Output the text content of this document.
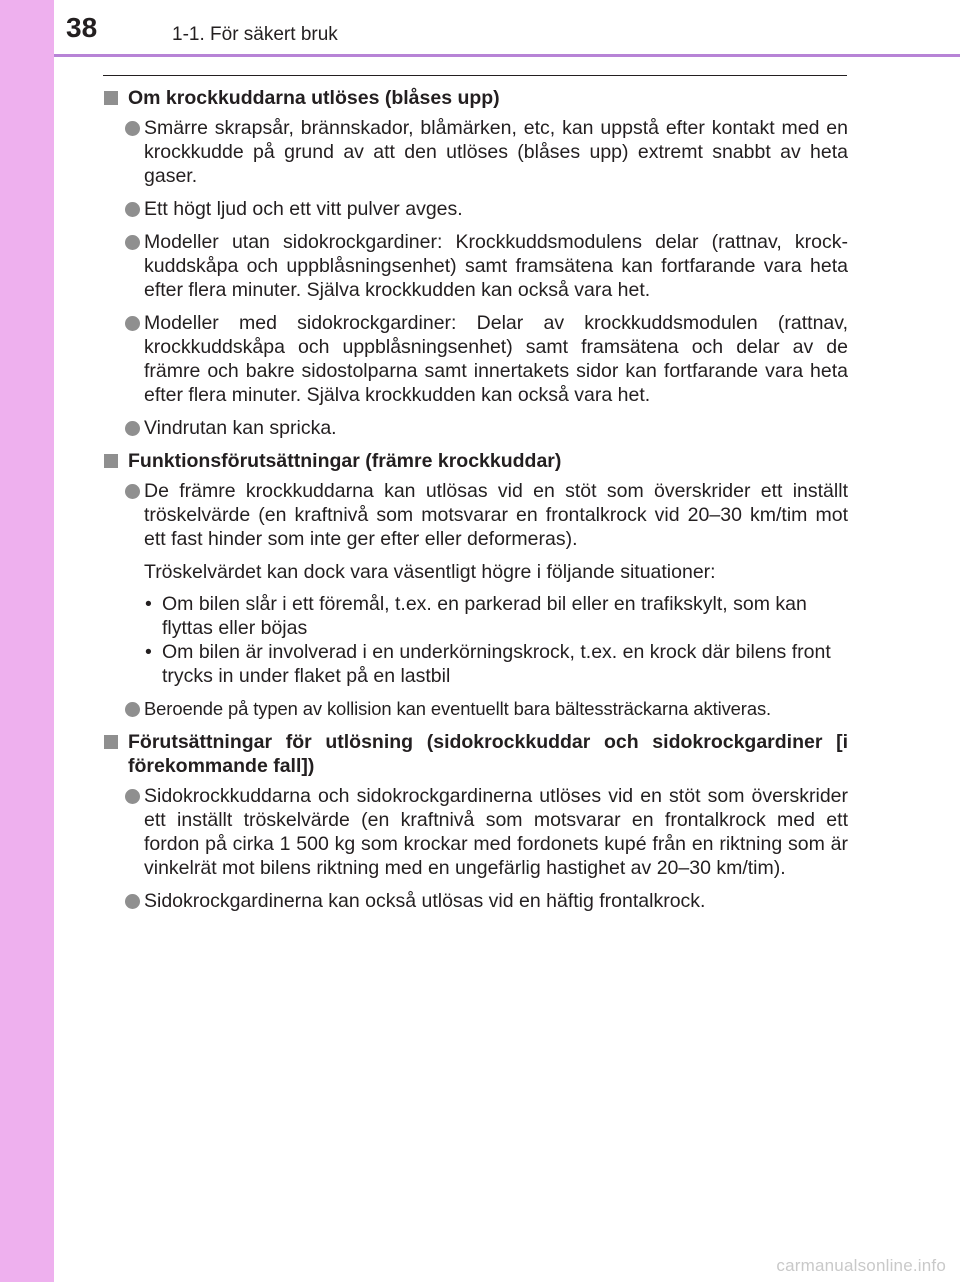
38	1-1. För säkert bruk
Om krockkuddarna utlöses (blåses upp)
Smärre skrapsår, brännskador, blåmärken, etc, kan uppstå efter kontakt med en krockkudde på grund av att den utlöses (blåses upp) extremt snabbt av heta gaser.
Ett högt ljud och ett vitt pulver avges.
Modeller utan sidokrockgardiner: Krockkuddsmodulens delar (rattnav, krockkuddskåpa och uppblåsningsenhet) samt framsätena kan fortfarande vara heta efter flera minuter. Själva krockkudden kan också vara het.
Modeller med sidokrockgardiner: Delar av krockkuddsmodulen (rattnav, krockkuddskåpa och uppblåsningsenhet) samt framsätena och delar av de främre och bakre sidostolparna samt innertakets sidor kan fortfarande vara heta efter flera minuter. Själva krockkudden kan också vara het.
Vindrutan kan spricka.
Funktionsförutsättningar (främre krockkuddar)
De främre krockkuddarna kan utlösas vid en stöt som överskrider ett inställt tröskelvärde (en kraftnivå som motsvarar en frontalkrock vid 20–30 km/tim mot ett fast hinder som inte ger efter eller deformeras).
Tröskelvärdet kan dock vara väsentligt högre i följande situationer:
• Om bilen slår i ett föremål, t.ex. en parkerad bil eller en trafikskylt, som kan flyttas eller böjas
• Om bilen är involverad i en underkörningskrock, t.ex. en krock där bilens front trycks in under flaket på en lastbil
Beroende på typen av kollision kan eventuellt bara bältessträckarna aktiveras.
Förutsättningar för utlösning (sidokrockkuddar och sidokrockgardiner [i förekommande fall])
Sidokrockkuddarna och sidokrockgardinerna utlöses vid en stöt som överskrider ett inställt tröskelvärde (en kraftnivå som motsvarar en frontalkrock med ett fordon på cirka 1 500 kg som krockar med fordonets kupé från en riktning som är vinkelrät mot bilens riktning med en ungefärlig hastighet av 20–30 km/tim).
Sidokrockgardinerna kan också utlösas vid en häftig frontalkrock.
carmanualsonline.info
